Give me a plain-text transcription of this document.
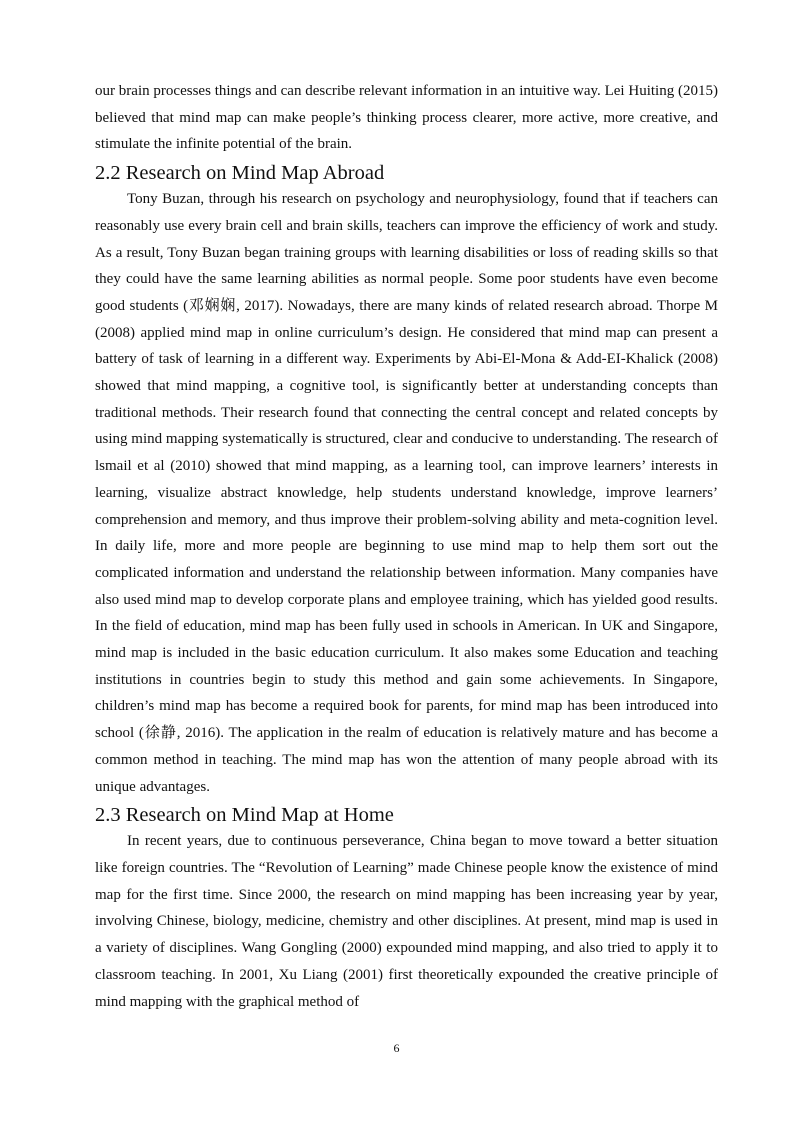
our brain processes things and can describe relevant information in an intuitive way. Lei Huiting (2015) believed that mind map can make people’s thinking process clearer, more active, more creative, and stimulate the infinite potential of the brain.

2.2 Research on Mind Map Abroad

Tony Buzan, through his research on psychology and neurophysiology, found that if teachers can reasonably use every brain cell and brain skills, teachers can improve the efficiency of work and study. As a result, Tony Buzan began training groups with learning disabilities or loss of reading skills so that they could have the same learning abilities as normal people. Some poor students have even become good students (邓娴娴, 2017). Nowadays, there are many kinds of related research abroad. Thorpe M (2008) applied mind map in online curriculum’s design. He considered that mind map can present a battery of task of learning in a different way. Experiments by Abi-El-Mona & Add-EI-Khalick (2008) showed that mind mapping, a cognitive tool, is significantly better at understanding concepts than traditional methods. Their research found that connecting the central concept and related concepts by using mind mapping systematically is structured, clear and conducive to understanding. The research of lsmail et al (2010) showed that mind mapping, as a learning tool, can improve learners’ interests in learning, visualize abstract knowledge, help students understand knowledge, improve learners’ comprehension and memory, and thus improve their problem-solving ability and meta-cognition level. In daily life, more and more people are beginning to use mind map to help them sort out the complicated information and understand the relationship between information. Many companies have also used mind map to develop corporate plans and employee training, which has yielded good results. In the field of education, mind map has been fully used in schools in American. In UK and Singapore, mind map is included in the basic education curriculum. It also makes some Education and teaching institutions in countries begin to study this method and gain some achievements. In Singapore, children’s mind map has become a required book for parents, for mind map has been introduced into school (徐静, 2016). The application in the realm of education is relatively mature and has become a common method in teaching. The mind map has won the attention of many people abroad with its unique advantages.

2.3 Research on Mind Map at Home

In recent years, due to continuous perseverance, China began to move toward a better situation like foreign countries. The “Revolution of Learning” made Chinese people know the existence of mind map for the first time. Since 2000, the research on mind mapping has been increasing year by year, involving Chinese, biology, medicine, chemistry and other disciplines. At present, mind map is used in a variety of disciplines. Wang Gongling (2000) expounded mind mapping, and also tried to apply it to classroom teaching. In 2001, Xu Liang (2001) first theoretically expounded the creative principle of mind mapping with the graphical method of

6
